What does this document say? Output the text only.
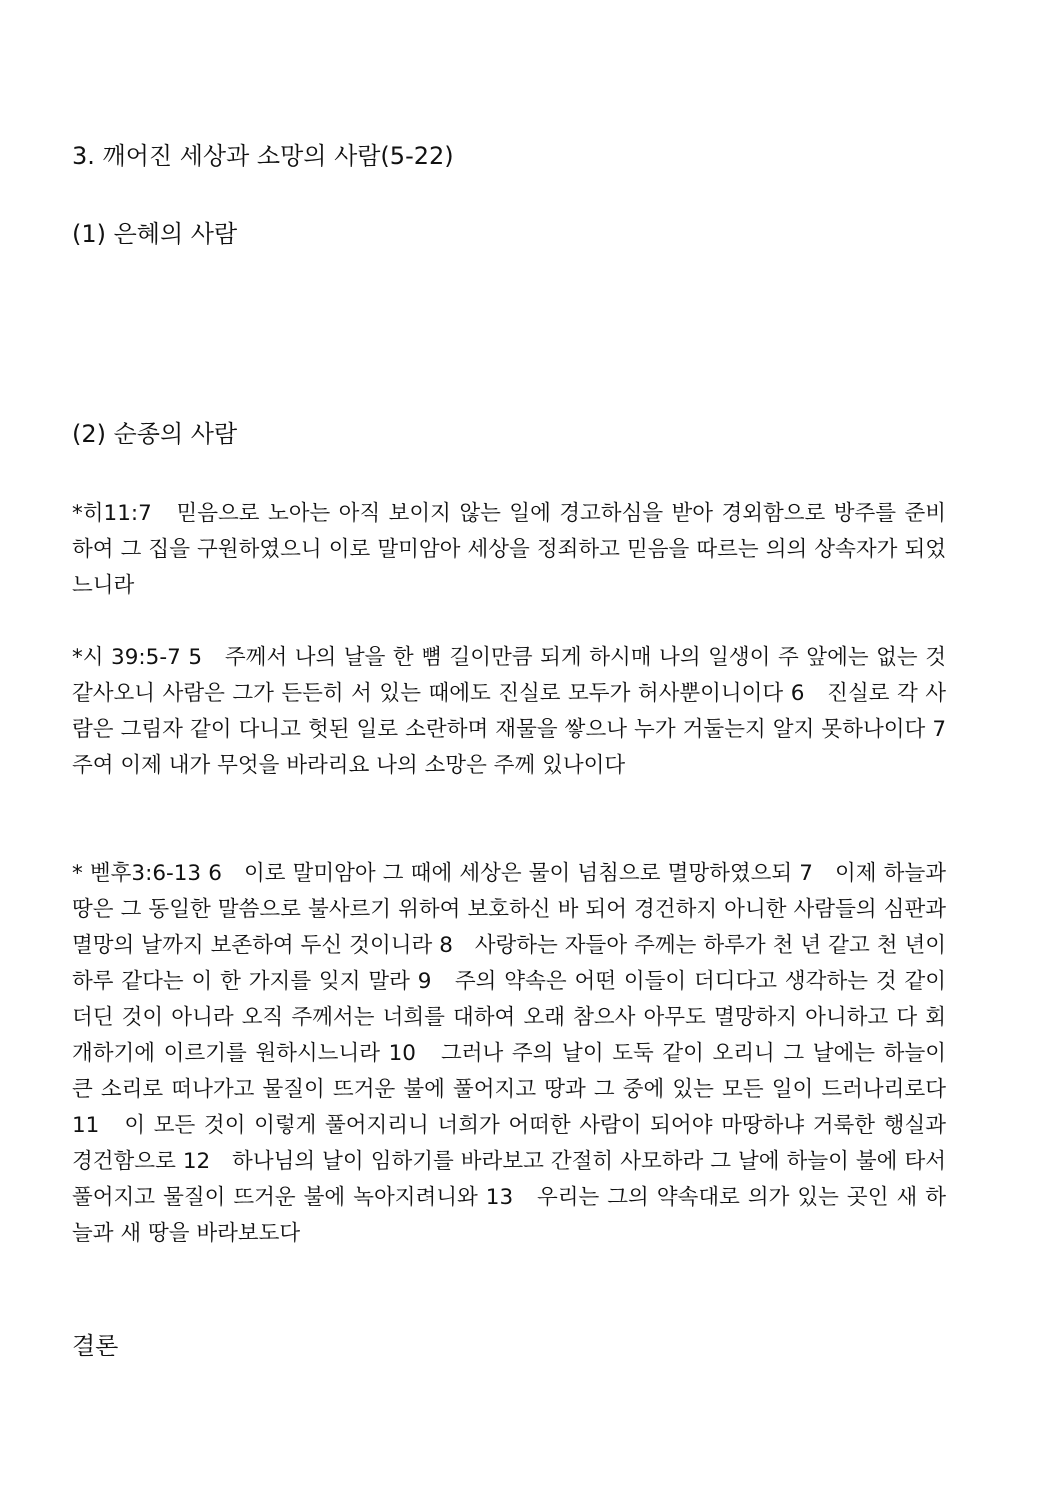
3. 깨어진 세상과 소망의 사람(5-22)
(1) 은혜의 사람
(2) 순종의 사람

*히11:7　믿음으로 노아는 아직 보이지 않는 일에 경고하심을 받아 경외함으로 방주를 준비하여 그 집을 구원하였으니 이로 말미암아 세상을 정죄하고 믿음을 따르는 의의 상속자가 되었느니라

*시 39:5-7 5　주께서 나의 날을 한 뼘 길이만큼 되게 하시매 나의 일생이 주 앞에는 없는 것 같사오니 사람은 그가 든든히 서 있는 때에도 진실로 모두가 허사뿐이니이다 6　진실로 각 사람은 그림자 같이 다니고 헛된 일로 소란하며 재물을 쌓으나 누가 거둘는지 알지 못하나이다 7　주여 이제 내가 무엇을 바라리요 나의 소망은 주께 있나이다

* 벧후3:6-13 6　이로 말미암아 그 때에 세상은 물이 넘침으로 멸망하였으되 7　이제 하늘과 땅은 그 동일한 말씀으로 불사르기 위하여 보호하신 바 되어 경건하지 아니한 사람들의 심판과 멸망의 날까지 보존하여 두신 것이니라 8　사랑하는 자들아 주께는 하루가 천 년 같고 천 년이 하루 같다는 이 한 가지를 잊지 말라 9　주의 약속은 어떤 이들이 더디다고 생각하는 것 같이 더딘 것이 아니라 오직 주께서는 너희를 대하여 오래 참으사 아무도 멸망하지 아니하고 다 회개하기에 이르기를 원하시느니라 10　그러나 주의 날이 도둑 같이 오리니 그 날에는 하늘이 큰 소리로 떠나가고 물질이 뜨거운 불에 풀어지고 땅과 그 중에 있는 모든 일이 드러나리로다 11　이 모든 것이 이렇게 풀어지리니 너희가 어떠한 사람이 되어야 마땅하냐 거룩한 행실과 경건함으로 12　하나님의 날이 임하기를 바라보고 간절히 사모하라 그 날에 하늘이 불에 타서 풀어지고 물질이 뜨거운 불에 녹아지려니와 13　우리는 그의 약속대로 의가 있는 곳인 새 하늘과 새 땅을 바라보도다

결론
